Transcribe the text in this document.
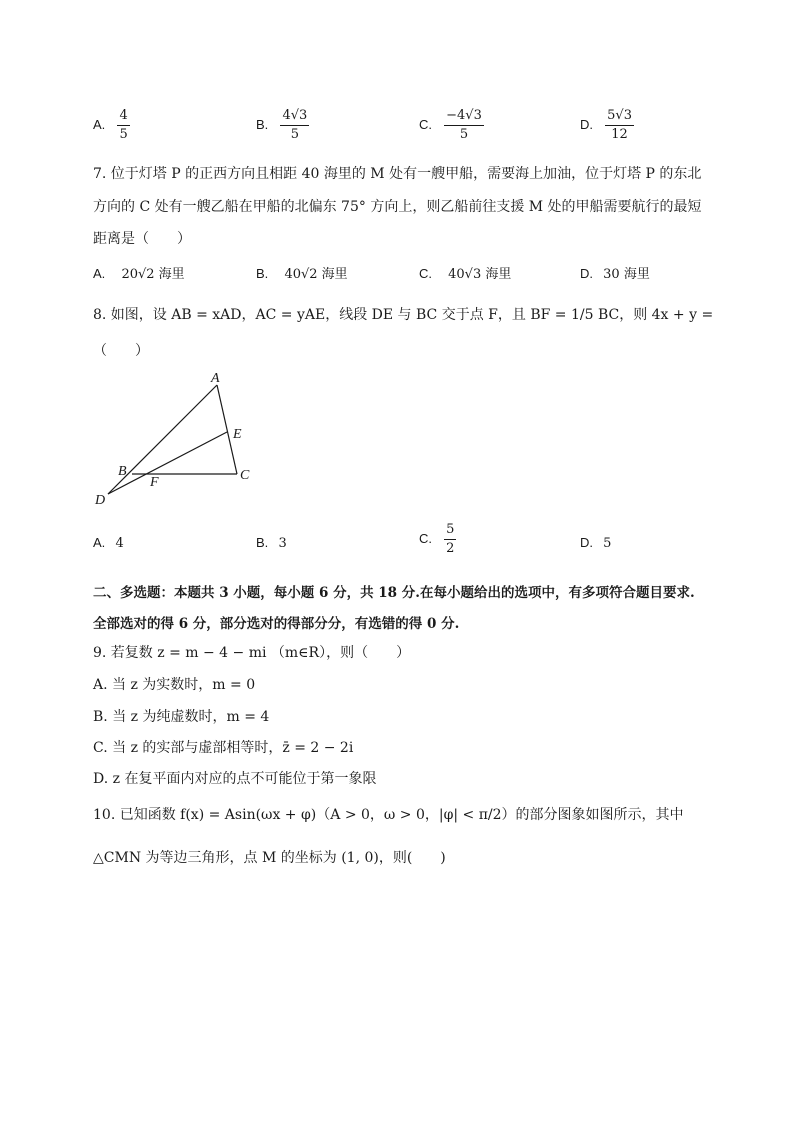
A. $\frac{4}{5}$	B. $\frac{4√3}{5}$	C. $\frac{-4√3}{5}$	D. $\frac{5√3}{12}$
7. 位于灯塔 P 的正西方向且相距 40 海里的 M 处有一艘甲船，需要海上加油，位于灯塔 P 的东北
方向的 C 处有一艘乙船在甲船的北偏东 75° 方向上，则乙船前往支援 M 处的甲船需要航行的最短
距离是（　　）
A. 20√2 海里	B. 40√2 海里	C. 40√3 海里	D. 30 海里
8. 如图，设 AB = xAD，AC = yAE，线段 DE 与 BC 交于点 F，且 BF = 1/5 BC，则 4x + y =
（　　）
A
E
B	C
F
D
A. 4	B. 3	C. $\frac{5}{2}$	D. 5
二、多选题：本题共 3 小题，每小题 6 分，共 18 分.在每小题给出的选项中，有多项符合题目要求.
全部选对的得 6 分，部分选对的得部分分，有选错的得 0 分.
9. 若复数 z = m − 4 − mi （m∈R），则（　　）
A. 当 z 为实数时，m = 0
B. 当 z 为纯虚数时，m = 4
C. 当 z 的实部与虚部相等时，z̄ = 2 − 2i
D. z 在复平面内对应的点不可能位于第一象限
10. 已知函数 f(x) = Asin(ωx + φ)（A > 0，ω > 0，|φ| < π/2）的部分图象如图所示，其中
△CMN 为等边三角形，点 M 的坐标为 (1, 0)，则(　　)
